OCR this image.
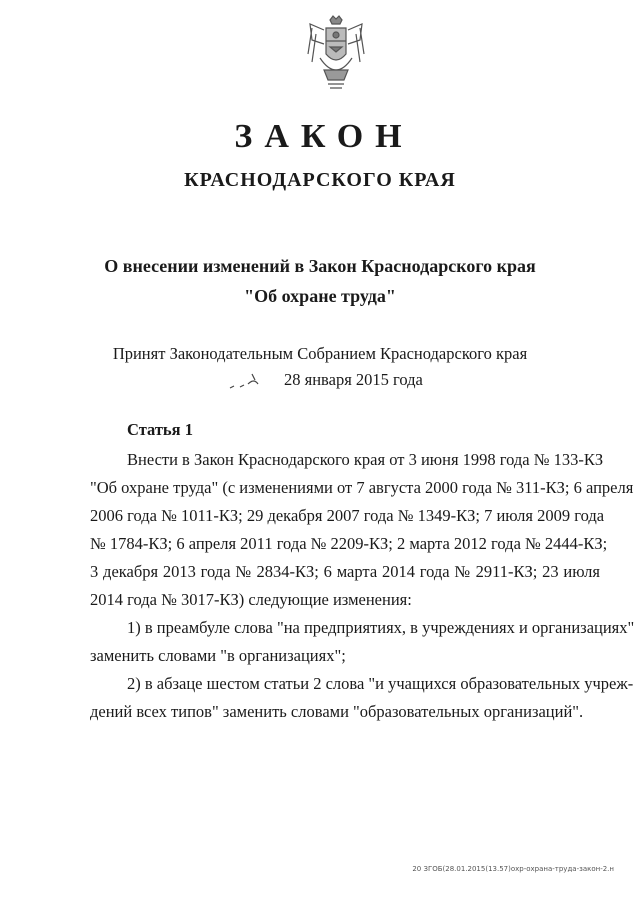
ЗАКОН
КРАСНОДАРСКОГО КРАЯ
О внесении изменений в Закон Краснодарского края
"Об охране труда"
Принят Законодательным Собранием Краснодарского края
28 января 2015 года
Статья 1
Внести в Закон Краснодарского края от 3 июня 1998 года № 133-КЗ
"Об охране труда" (с изменениями от 7 августа 2000 года № 311-КЗ; 6 апреля
2006 года № 1011-КЗ; 29 декабря 2007 года № 1349-КЗ; 7 июля 2009 года
№ 1784-КЗ; 6 апреля 2011 года № 2209-КЗ; 2 марта 2012 года № 2444-КЗ;
3 декабря 2013 года № 2834-КЗ; 6 марта 2014 года № 2911-КЗ; 23 июля
2014 года № 3017-КЗ) следующие изменения:
1) в преамбуле слова "на предприятиях, в учреждениях и организациях"
заменить словами "в организациях";
2) в абзаце шестом статьи 2 слова "и учащихся образовательных учреж-
дений всех типов" заменить словами "образовательных организаций".
20 ЗГОБ(28.01.2015(13.57)охр-охрана-труда-закон-2.н
